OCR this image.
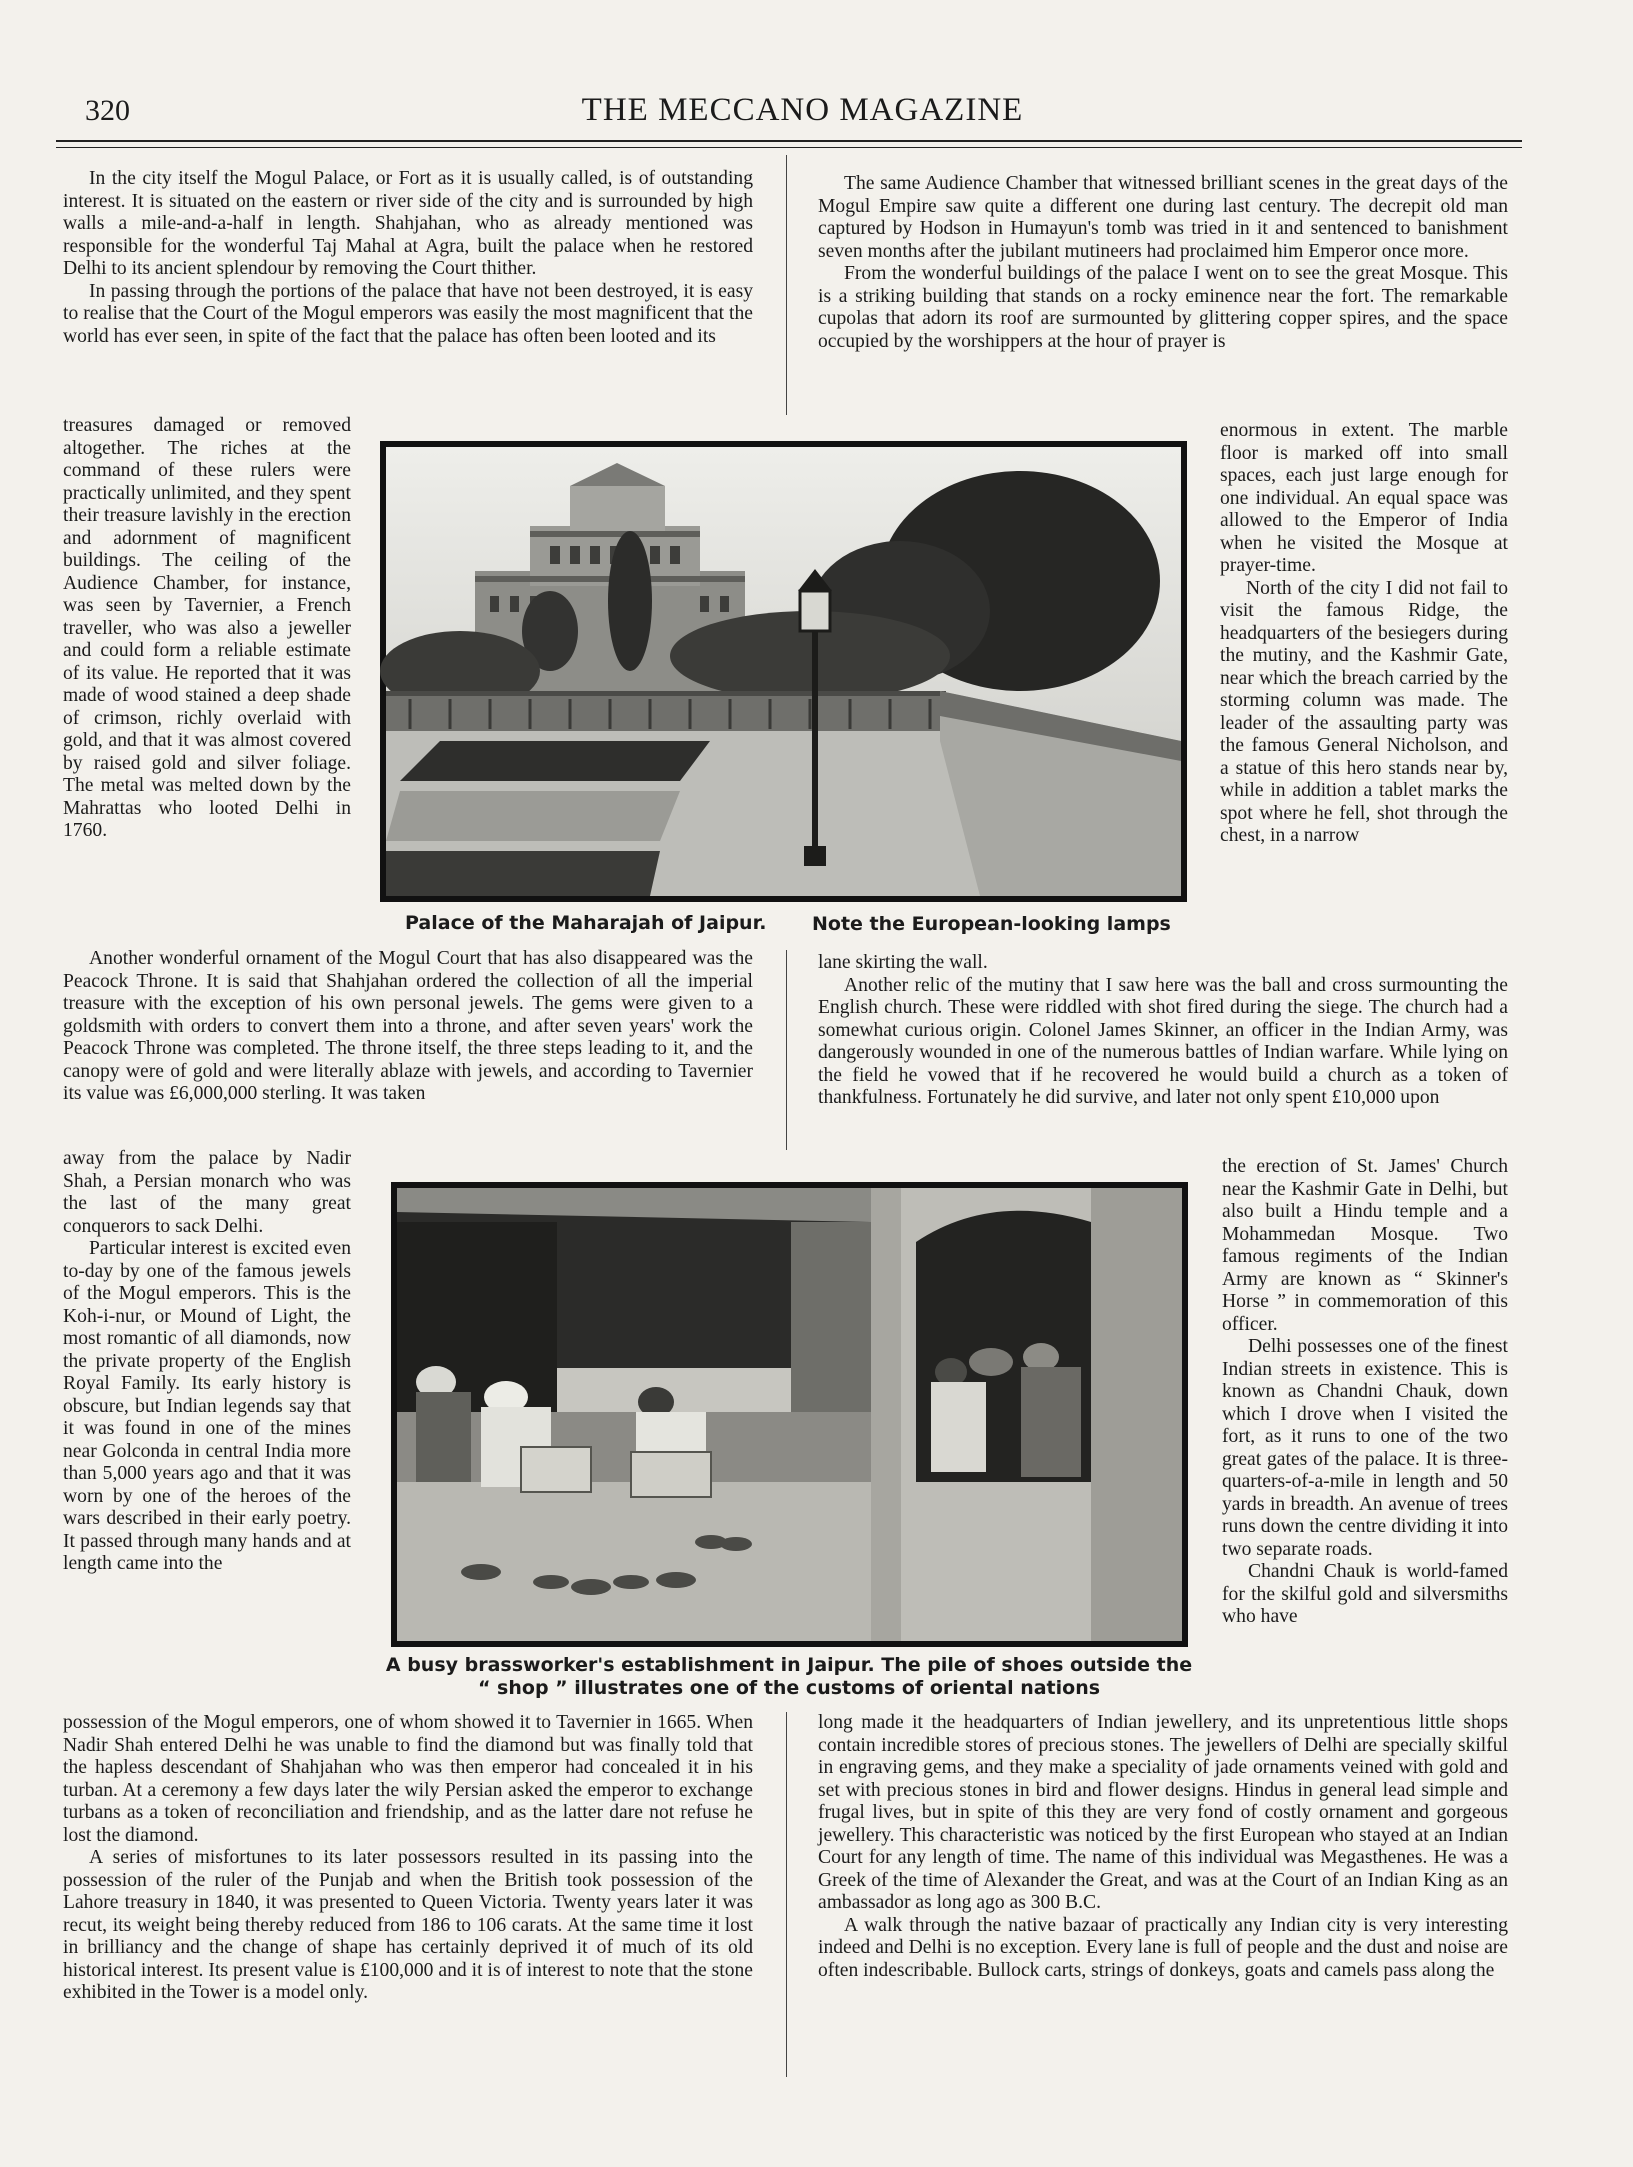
320	THE MECCANO MAGAZINE

In the city itself the Mogul Palace, or Fort as it is usually called, is of outstanding interest. It is situated on the eastern or river side of the city and is surrounded by high walls a mile-and-a-half in length. Shahjahan, who as already mentioned was responsible for the wonderful Taj Mahal at Agra, built the palace when he restored Delhi to its ancient splendour by removing the Court thither.

In passing through the portions of the palace that have not been destroyed, it is easy to realise that the Court of the Mogul emperors was easily the most magnificent that the world has ever seen, in spite of the fact that the palace has often been looted and its

treasures damaged or removed altogether. The riches at the command of these rulers were practically unlimited, and they spent their treasure lavishly in the erection and adornment of magnificent buildings. The ceiling of the Audience Chamber, for instance, was seen by Tavernier, a French traveller, who was also a jeweller and could form a reliable estimate of its value. He reported that it was made of wood stained a deep shade of crimson, richly overlaid with gold, and that it was almost covered by raised gold and silver foliage. The metal was melted down by the Mahrattas who looted Delhi in 1760.

Another wonderful ornament of the Mogul Court that has also disappeared was the Peacock Throne. It is said that Shahjahan ordered the collection of all the imperial treasure with the exception of his own personal jewels. The gems were given to a goldsmith with orders to convert them into a throne, and after seven years' work the Peacock Throne was completed. The throne itself, the three steps leading to it, and the canopy were of gold and were literally ablaze with jewels, and according to Tavernier its value was £6,000,000 sterling. It was taken

away from the palace by Nadir Shah, a Persian monarch who was the last of the many great conquerors to sack Delhi.

Particular interest is excited even to-day by one of the famous jewels of the Mogul emperors. This is the Koh-i-nur, or Mound of Light, the most romantic of all diamonds, now the private property of the English Royal Family. Its early history is obscure, but Indian legends say that it was found in one of the mines near Golconda in central India more than 5,000 years ago and that it was worn by one of the heroes of the wars described in their early poetry. It passed through many hands and at length came into the

possession of the Mogul emperors, one of whom showed it to Tavernier in 1665. When Nadir Shah entered Delhi he was unable to find the diamond but was finally told that the hapless descendant of Shahjahan who was then emperor had concealed it in his turban. At a ceremony a few days later the wily Persian asked the emperor to exchange turbans as a token of reconciliation and friendship, and as the latter dare not refuse he lost the diamond.

A series of misfortunes to its later possessors resulted in its passing into the possession of the ruler of the Punjab and when the British took possession of the Lahore treasury in 1840, it was presented to Queen Victoria. Twenty years later it was recut, its weight being thereby reduced from 186 to 106 carats. At the same time it lost in brilliancy and the change of shape has certainly deprived it of much of its old historical interest. Its present value is £100,000 and it is of interest to note that the stone exhibited in the Tower is a model only.

The same Audience Chamber that witnessed brilliant scenes in the great days of the Mogul Empire saw quite a different one during last century. The decrepit old man captured by Hodson in Humayun's tomb was tried in it and sentenced to banishment seven months after the jubilant mutineers had proclaimed him Emperor once more.

From the wonderful buildings of the palace I went on to see the great Mosque. This is a striking building that stands on a rocky eminence near the fort. The remarkable cupolas that adorn its roof are surmounted by glittering copper spires, and the space occupied by the worshippers at the hour of prayer is

enormous in extent. The marble floor is marked off into small spaces, each just large enough for one individual. An equal space was allowed to the Emperor of India when he visited the Mosque at prayer-time.

North of the city I did not fail to visit the famous Ridge, the headquarters of the besiegers during the mutiny, and the Kashmir Gate, near which the breach carried by the storming column was made. The leader of the assaulting party was the famous General Nicholson, and a statue of this hero stands near by, while in addition a tablet marks the spot where he fell, shot through the chest, in a narrow

lane skirting the wall.

Another relic of the mutiny that I saw here was the ball and cross surmounting the English church. These were riddled with shot fired during the siege. The church had a somewhat curious origin. Colonel James Skinner, an officer in the Indian Army, was dangerously wounded in one of the numerous battles of Indian warfare. While lying on the field he vowed that if he recovered he would build a church as a token of thankfulness. Fortunately he did survive, and later not only spent £10,000 upon

the erection of St. James' Church near the Kashmir Gate in Delhi, but also built a Hindu temple and a Mohammedan Mosque. Two famous regiments of the Indian Army are known as “ Skinner's Horse ” in commemoration of this officer.

Delhi possesses one of the finest Indian streets in existence. This is known as Chandni Chauk, down which I drove when I visited the fort, as it runs to one of the two great gates of the palace. It is three-quarters-of-a-mile in length and 50 yards in breadth. An avenue of trees runs down the centre dividing it into two separate roads.

Chandni Chauk is world-famed for the skilful gold and silversmiths who have

long made it the headquarters of Indian jewellery, and its unpretentious little shops contain incredible stores of precious stones. The jewellers of Delhi are specially skilful in engraving gems, and they make a speciality of jade ornaments veined with gold and set with precious stones in bird and flower designs. Hindus in general lead simple and frugal lives, but in spite of this they are very fond of costly ornament and gorgeous jewellery. This characteristic was noticed by the first European who stayed at an Indian Court for any length of time. The name of this individual was Megasthenes. He was a Greek of the time of Alexander the Great, and was at the Court of an Indian King as an ambassador as long ago as 300 B.C.

A walk through the native bazaar of practically any Indian city is very interesting indeed and Delhi is no exception. Every lane is full of people and the dust and noise are often indescribable. Bullock carts, strings of donkeys, goats and camels pass along the

Palace of the Maharajah of Jaipur. Note the European-looking lamps
A busy brassworker's establishment in Jaipur. The pile of shoes outside the
“ shop ” illustrates one of the customs of oriental nations
